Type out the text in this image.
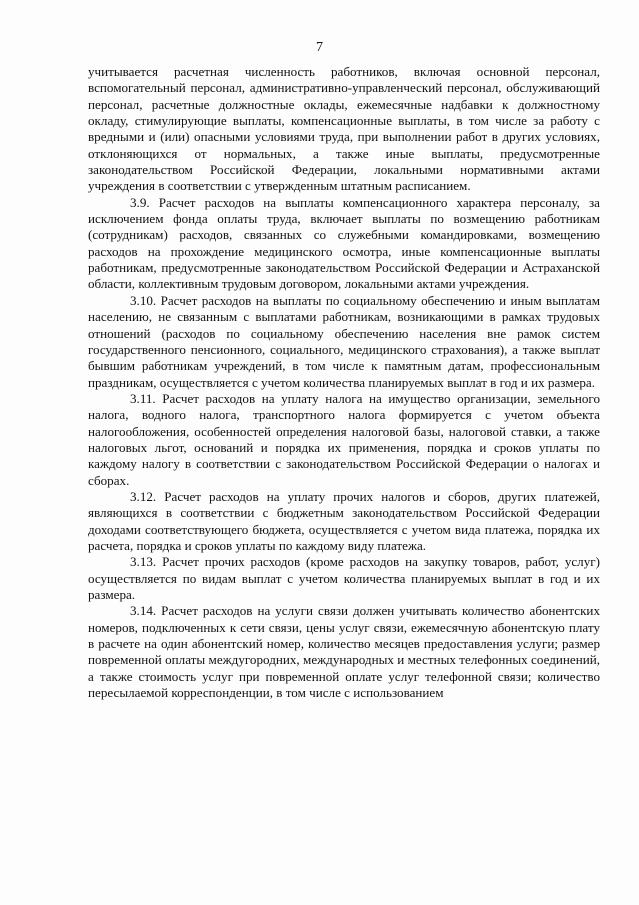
7

учитывается расчетная численность работников, включая основной персонал, вспомогательный персонал, административно-управленческий персонал, обслуживающий персонал, расчетные должностные оклады, ежемесячные надбавки к должностному окладу, стимулирующие выплаты, компенсационные выплаты, в том числе за работу с вредными и (или) опасными условиями труда, при выполнении работ в других условиях, отклоняющихся от нормальных, а также иные выплаты, предусмотренные законодательством Российской Федерации, локальными нормативными актами учреждения в соответствии с утвержденным штатным расписанием.

3.9. Расчет расходов на выплаты компенсационного характера персоналу, за исключением фонда оплаты труда, включает выплаты по возмещению работникам (сотрудникам) расходов, связанных со служебными командировками, возмещению расходов на прохождение медицинского осмотра, иные компенсационные выплаты работникам, предусмотренные законодательством Российской Федерации и Астраханской области, коллективным трудовым договором, локальными актами учреждения.

3.10. Расчет расходов на выплаты по социальному обеспечению и иным выплатам населению, не связанным с выплатами работникам, возникающими в рамках трудовых отношений (расходов по социальному обеспечению населения вне рамок систем государственного пенсионного, социального, медицинского страхования), а также выплат бывшим работникам учреждений, в том числе к памятным датам, профессиональным праздникам, осуществляется с учетом количества планируемых выплат в год и их размера.

3.11. Расчет расходов на уплату налога на имущество организации, земельного налога, водного налога, транспортного налога формируется с учетом объекта налогообложения, особенностей определения налоговой базы, налоговой ставки, а также налоговых льгот, оснований и порядка их применения, порядка и сроков уплаты по каждому налогу в соответствии с законодательством Российской Федерации о налогах и сборах.

3.12. Расчет расходов на уплату прочих налогов и сборов, других платежей, являющихся в соответствии с бюджетным законодательством Российской Федерации доходами соответствующего бюджета, осуществляется с учетом вида платежа, порядка их расчета, порядка и сроков уплаты по каждому виду платежа.

3.13. Расчет прочих расходов (кроме расходов на закупку товаров, работ, услуг) осуществляется по видам выплат с учетом количества планируемых выплат в год и их размера.

3.14. Расчет расходов на услуги связи должен учитывать количество абонентских номеров, подключенных к сети связи, цены услуг связи, ежемесячную абонентскую плату в расчете на один абонентский номер, количество месяцев предоставления услуги; размер повременной оплаты междугородних, международных и местных телефонных соединений, а также стоимость услуг при повременной оплате услуг телефонной связи; количество пересылаемой корреспонденции, в том числе с использованием
